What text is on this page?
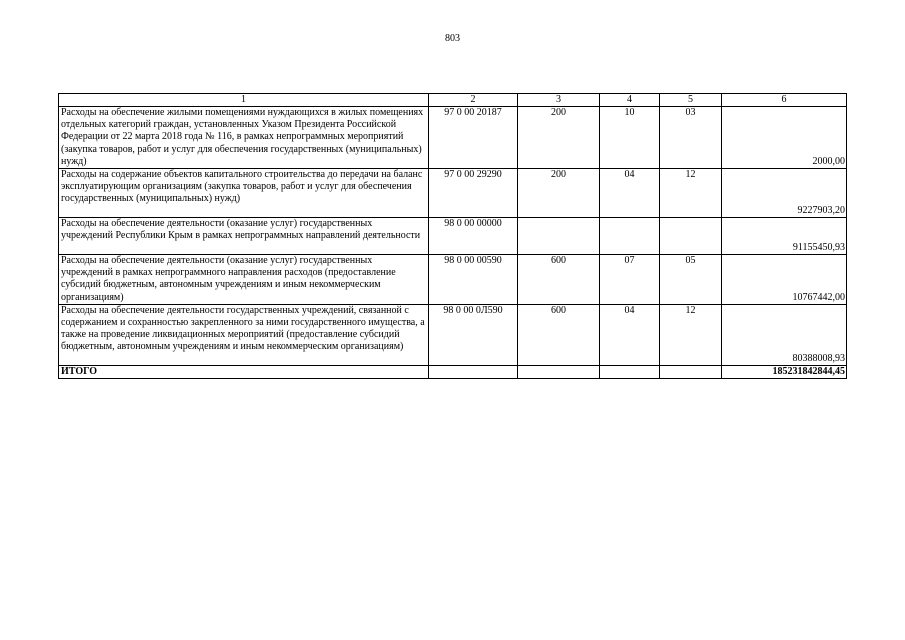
803
1	2	3	4	5	6
Расходы на обеспечение жилыми помещениями нуждающихся в жилых помещениях отдельных категорий граждан, установленных Указом Президента Российской Федерации от 22 марта 2018 года № 116, в рамках непрограммных мероприятий (закупка товаров, работ и услуг для обеспечения государственных (муниципальных) нужд)	97 0 00 20187	200	10	03	2000,00
Расходы на содержание объектов капитального строительства до передачи на баланс эксплуатирующим организациям (закупка товаров, работ и услуг для обеспечения государственных (муниципальных) нужд)	97 0 00 29290	200	04	12	9227903,20
Расходы на обеспечение деятельности (оказание услуг) государственных учреждений Республики Крым в рамках непрограммных направлений деятельности	98 0 00 00000				91155450,93
Расходы на обеспечение деятельности (оказание услуг) государственных учреждений в рамках непрограммного направления расходов (предоставление субсидий бюджетным, автономным учреждениям и иным некоммерческим организациям)	98 0 00 00590	600	07	05	10767442,00
Расходы на обеспечение деятельности государственных учреждений, связанной с содержанием и сохранностью закрепленного за ними государственного имущества, а также на проведение ликвидационных мероприятий (предоставление субсидий бюджетным, автономным учреждениям и иным некоммерческим организациям)	98 0 00 0Л590	600	04	12	80388008,93
ИТОГО					185231842844,45
